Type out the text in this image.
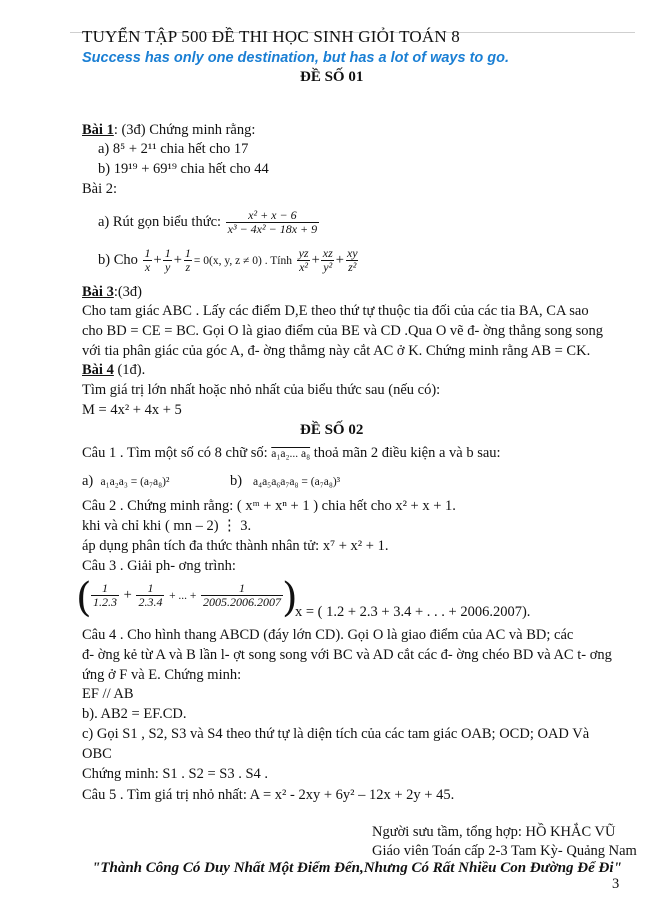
TUYỂN TẬP 500 ĐỀ THI HỌC SINH GIỎI TOÁN 8
Success has only one destination, but has a lot of ways to go.
ĐỀ SỐ 01
Bài 1: (3đ) Chứng minh rằng:
a) 8⁵ + 2¹¹ chia hết cho 17
b) 19¹⁹ + 69¹⁹ chia hết cho 44
Bài 2:
a) Rút gọn biểu thức: $\frac{\text{x² + x − 6}}{\text{x³ − 4x² − 18x + 9}}$
b) Cho $\frac{1}{x} + \frac{1}{y} + \frac{1}{z} = 0(x$, y, z ≠ 0) . Tính $\frac{yz}{\text{x²}} + \frac{xz}{\text{y²}} + \frac{xy}{\text{z²}}$
Bài 3:(3đ)
Cho tam giác ABC . Lấy các điểm D,E theo thứ tự thuộc tia đối của các tia BA, CA sao
cho BD = CE = BC. Gọi O là giao điểm của BE và CD .Qua O vẽ đ- ờng thẳng song song
với tia phân giác của góc A, đ- ờng thẳmg này cắt AC ở K. Chứng minh rằng AB = CK.
Bài 4 (1đ).
Tìm giá trị lớn nhất hoặc nhỏ nhất của biểu thức sau (nếu có):
M = 4x² + 4x + 5
ĐỀ SỐ 02
Câu 1 . Tìm một số có 8 chữ số: a₁a₂... a₈ thoả mãn 2 điều kiện a và b sau:
a) a₁a₂a₃ = (a₇a₈)²	b) a₄a₅a₆a₇a₈ = (a₇a₈)³
Câu 2 . Chứng minh rằng: ( xᵐ + xⁿ + 1 ) chia hết cho x² + x + 1.
khi và chỉ khi ( mn – 2) ⋮ 3.
áp dụng phân tích đa thức thành nhân tử: x⁷ + x² + 1.
Câu 3 . Giải ph- ơng trình:
( $\frac{1}{1.2.3} + \frac{1}{2.3.4}$ + ... + $\frac{1}{2005.2006.2007}$
)
x = ( 1.2 + 2.3 + 3.4 + . . . + 2006.2007).
Câu 4 . Cho hình thang ABCD (đáy lớn CD). Gọi O là giao điểm của AC và BD; các
đ- ờng kẻ từ A và B lần l- ợt song song với BC và AD cắt các đ- ờng chéo BD và AC t- ơng
ứng ở F và E. Chứng minh:
EF // AB
b). AB2 = EF.CD.
c) Gọi S1 , S2, S3 và S4 theo thứ tự là diện tích của các tam giác OAB; OCD; OAD Và
OBC
Chứng minh: S1 . S2 = S3 . S4 .
Câu 5 . Tìm giá trị nhỏ nhất: A = x² - 2xy + 6y² – 12x + 2y + 45.
Người sưu tầm, tổng hợp: HỒ KHẮC VŨ
Giáo viên Toán cấp 2-3 Tam Kỳ- Quảng Nam
"Thành Công Có Duy Nhất Một Điểm Đến,Nhưng Có Rất Nhiều Con Đường Để Đi"
3
